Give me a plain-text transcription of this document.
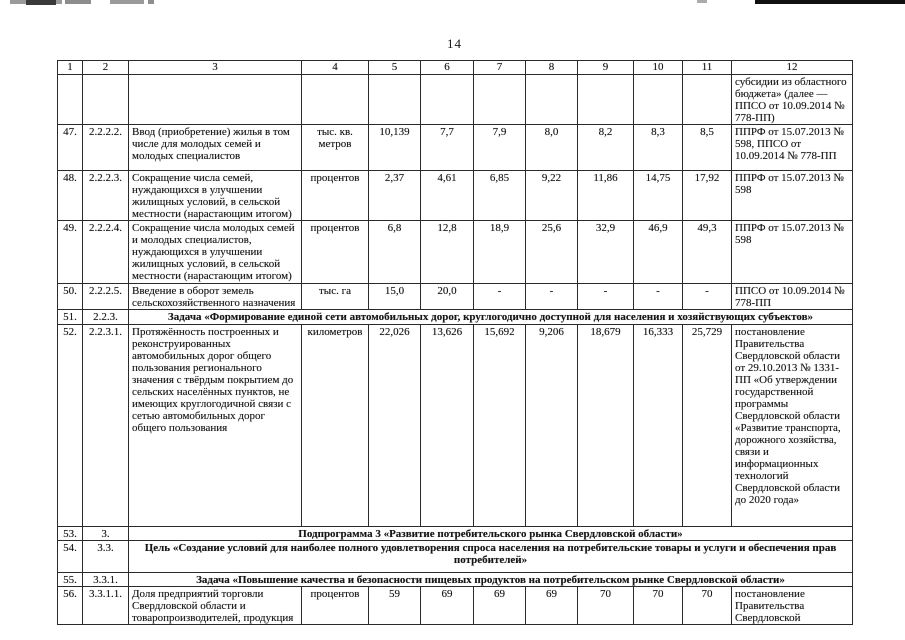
14
1	2	3	4	5	6	7	8	9	10	11	12
											субсидии из областного бюджета» (далее — ППСО от 10.09.2014 № 778-ПП)
47.	2.2.2.2.	Ввод (приобретение) жилья в том числе для молодых семей и молодых специалистов	тыс. кв. метров	10,139	7,7	7,9	8,0	8,2	8,3	8,5	ППРФ от 15.07.2013 № 598, ППСО от 10.09.2014 № 778-ПП
48.	2.2.2.3.	Сокращение числа семей, нуждающихся в улучшении жилищных условий, в сельской местности (нарастающим итогом)	процентов	2,37	4,61	6,85	9,22	11,86	14,75	17,92	ППРФ от 15.07.2013 № 598
49.	2.2.2.4.	Сокращение числа молодых семей и молодых специалистов, нуждающихся в улучшении жилищных условий, в сельской местности (нарастающим итогом)	процентов	6,8	12,8	18,9	25,6	32,9	46,9	49,3	ППРФ от 15.07.2013 № 598
50.	2.2.2.5.	Введение в оборот земель сельскохозяйственного назначения	тыс. га	15,0	20,0	-	-	-	-	-	ППСО от 10.09.2014 № 778-ПП
51.	2.2.3.	Задача «Формирование единой сети автомобильных дорог, круглогодично доступной для населения и хозяйствующих субъектов»									
52.	2.2.3.1.	Протяжённость построенных и реконструированных автомобильных дорог общего пользования регионального значения с твёрдым покрытием до сельских населённых пунктов, не имеющих круглогодичной связи с сетью автомобильных дорог общего пользования	километров	22,026	13,626	15,692	9,206	18,679	16,333	25,729	постановление Правительства Свердловской области от 29.10.2013 № 1331-ПП «Об утверждении государственной программы Свердловской области «Развитие транспорта, дорожного хозяйства, связи и информационных технологий Свердловской области до 2020 года»
53.	3.	Подпрограмма 3 «Развитие потребительского рынка Свердловской области»									
54.	3.3.	Цель «Создание условий для наиболее полного удовлетворения спроса населения на потребительские товары и услуги и обеспечения прав потребителей»									
55.	3.3.1.	Задача «Повышение качества и безопасности пищевых продуктов на потребительском рынке Свердловской области»									
56.	3.3.1.1.	Доля предприятий торговли Свердловской области и товаропроизводителей, продукция	процентов	59	69	69	69	70	70	70	постановление Правительства Свердловской
